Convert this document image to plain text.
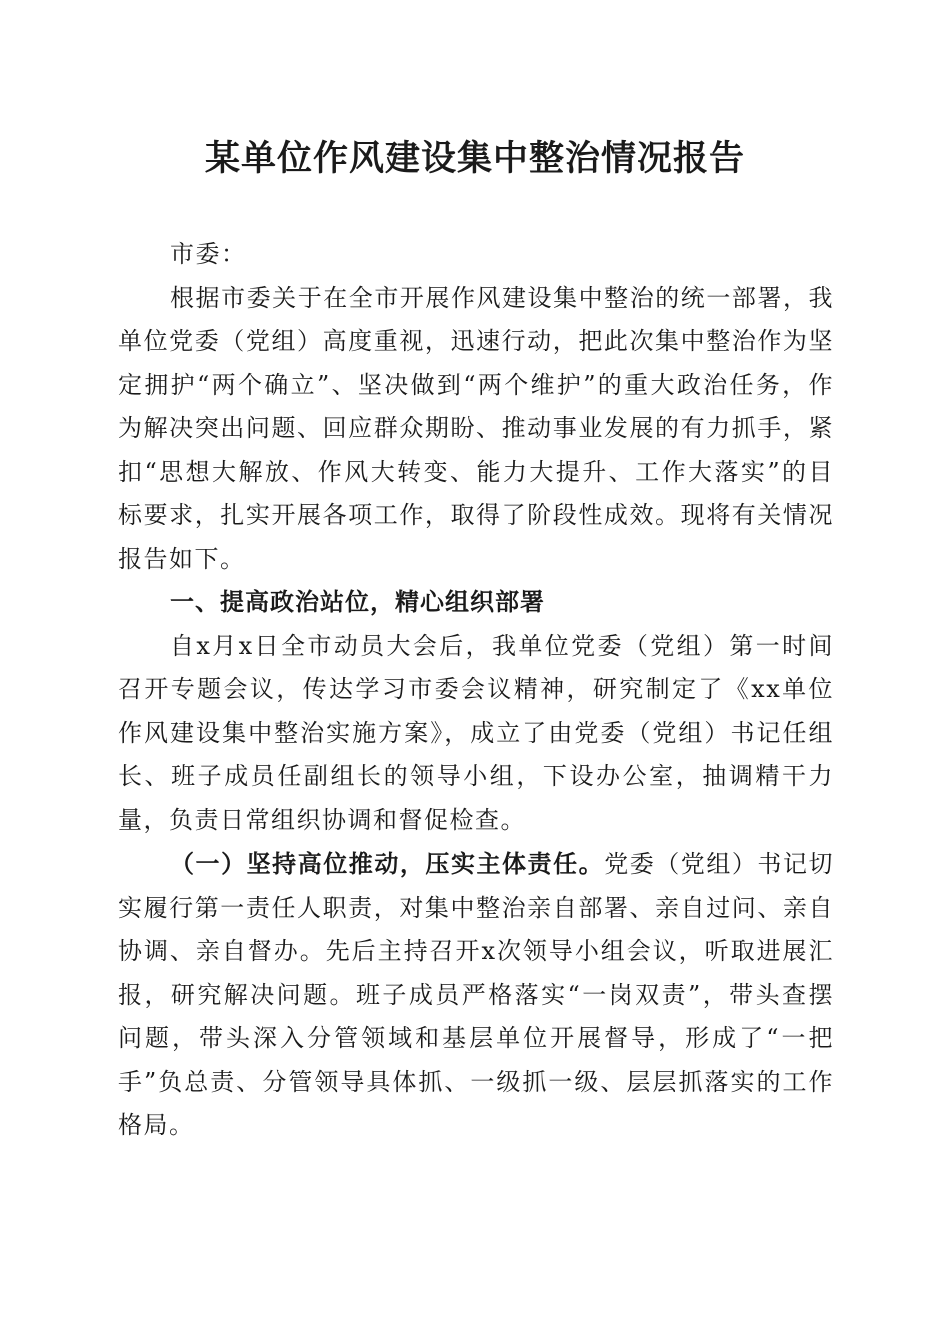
某单位作风建设集中整治情况报告

市委：

根据市委关于在全市开展作风建设集中整治的统一部署，我单位党委（党组）高度重视，迅速行动，把此次集中整治作为坚定拥护“两个确立”、坚决做到“两个维护”的重大政治任务，作为解决突出问题、回应群众期盼、推动事业发展的有力抓手，紧扣“思想大解放、作风大转变、能力大提升、工作大落实”的目标要求，扎实开展各项工作，取得了阶段性成效。现将有关情况报告如下。

一、提高政治站位，精心组织部署

自x月x日全市动员大会后，我单位党委（党组）第一时间召开专题会议，传达学习市委会议精神，研究制定了《xx单位作风建设集中整治实施方案》，成立了由党委（党组）书记任组长、班子成员任副组长的领导小组，下设办公室，抽调精干力量，负责日常组织协调和督促检查。

（一）坚持高位推动，压实主体责任。党委（党组）书记切实履行第一责任人职责，对集中整治亲自部署、亲自过问、亲自协调、亲自督办。先后主持召开x次领导小组会议，听取进展汇报，研究解决问题。班子成员严格落实“一岗双责”，带头查摆问题，带头深入分管领域和基层单位开展督导，形成了“一把手”负总责、分管领导具体抓、一级抓一级、层层抓落实的工作格局。
